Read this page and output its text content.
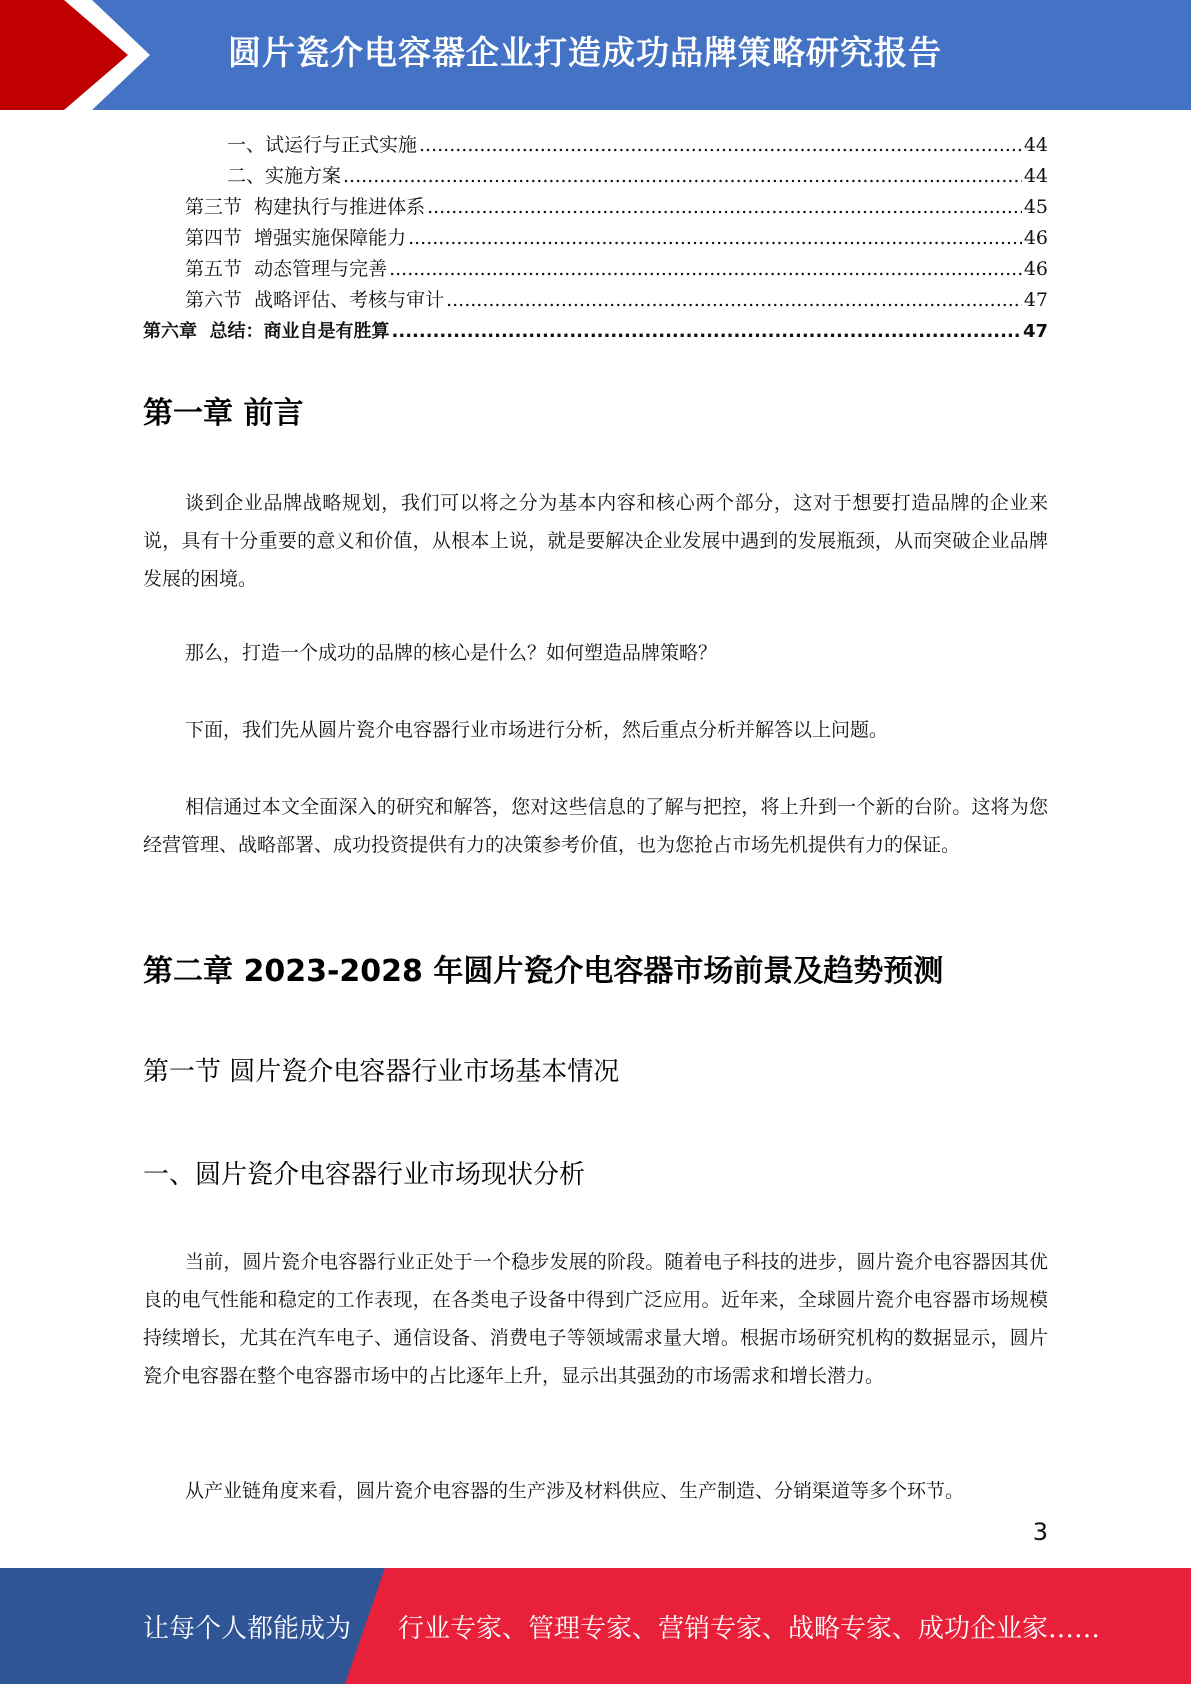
圆片瓷介电容器企业打造成功品牌策略研究报告
一、试运行与正式实施 .....	44
二、实施方案 .....	44
第三节  构建执行与推进体系 .....	45
第四节  增强实施保障能力 .....	46
第五节  动态管理与完善 .....	46
第六节  战略评估、考核与审计 .....	47
第六章  总结：商业自是有胜算 .....	47
第一章 前言
谈到企业品牌战略规划，我们可以将之分为基本内容和核心两个部分，这对于想要打造品牌的企业来说，具有十分重要的意义和价值，从根本上说，就是要解决企业发展中遇到的发展瓶颈，从而突破企业品牌发展的困境。
那么，打造一个成功的品牌的核心是什么？如何塑造品牌策略？
下面，我们先从圆片瓷介电容器行业市场进行分析，然后重点分析并解答以上问题。
相信通过本文全面深入的研究和解答，您对这些信息的了解与把控，将上升到一个新的台阶。这将为您经营管理、战略部署、成功投资提供有力的决策参考价值，也为您抢占市场先机提供有力的保证。
第二章 2023-2028 年圆片瓷介电容器市场前景及趋势预测
第一节 圆片瓷介电容器行业市场基本情况
一、圆片瓷介电容器行业市场现状分析
当前，圆片瓷介电容器行业正处于一个稳步发展的阶段。随着电子科技的进步，圆片瓷介电容器因其优良的电气性能和稳定的工作表现，在各类电子设备中得到广泛应用。近年来，全球圆片瓷介电容器市场规模持续增长，尤其在汽车电子、通信设备、消费电子等领域需求量大增。根据市场研究机构的数据显示，圆片瓷介电容器在整个电容器市场中的占比逐年上升，显示出其强劲的市场需求和增长潜力。
从产业链角度来看，圆片瓷介电容器的生产涉及材料供应、生产制造、分销渠道等多个环节。
3
让每个人都能成为 行业专家、管理专家、营销专家、战略专家、成功企业家……
